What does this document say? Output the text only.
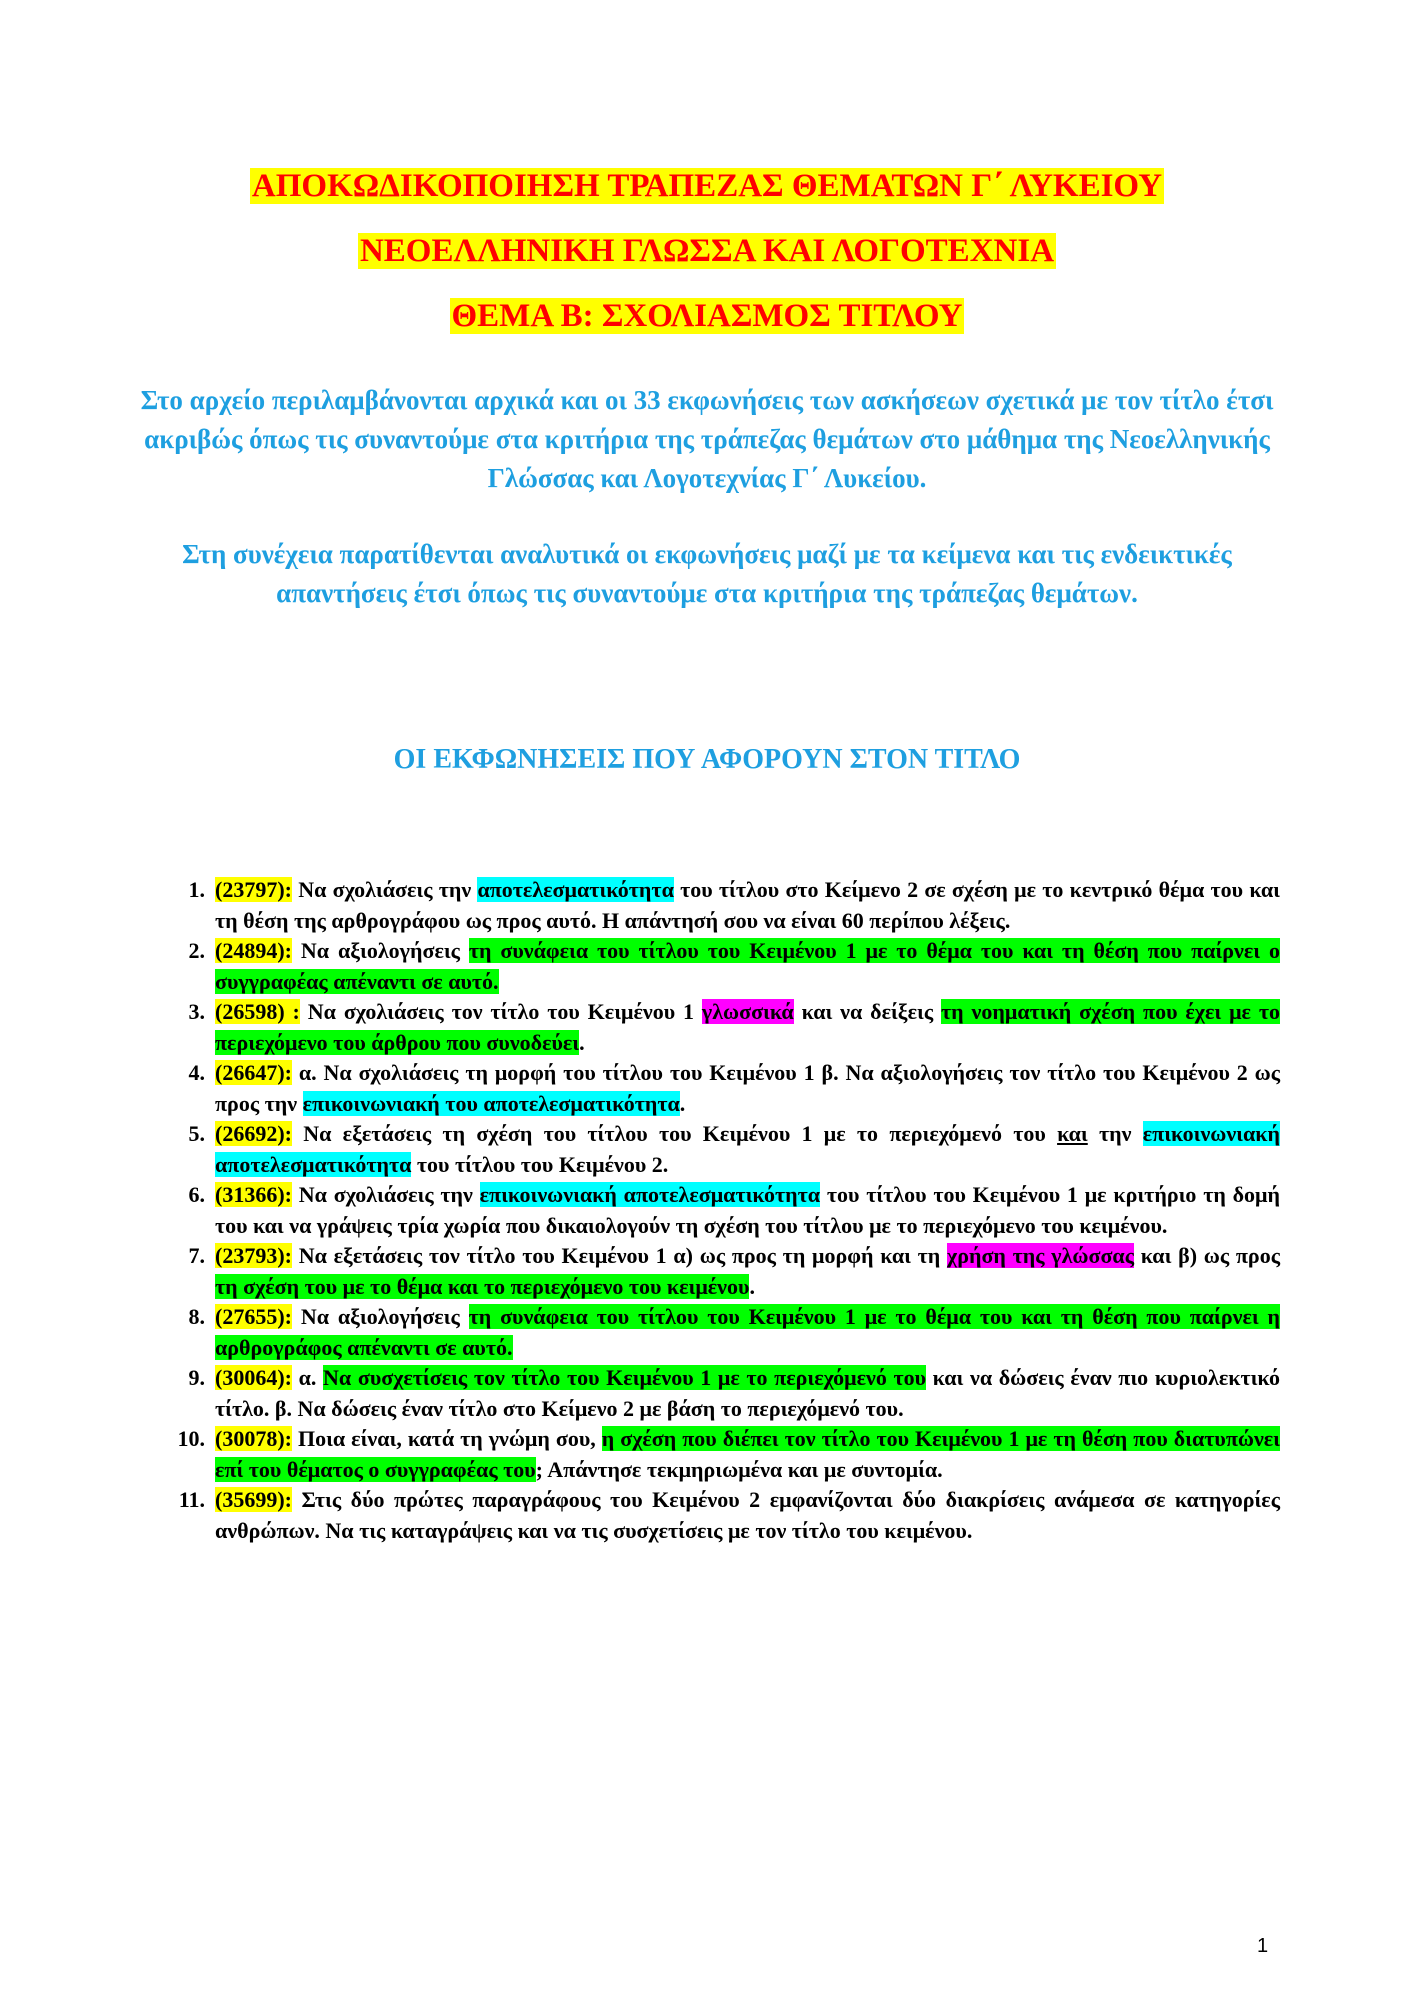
ΑΠΟΚΩΔΙΚΟΠΟΙΗΣΗ ΤΡΑΠΕΖΑΣ ΘΕΜΑΤΩΝ Γ΄ ΛΥΚΕΙΟΥ
ΝΕΟΕΛΛΗΝΙΚΗ ΓΛΩΣΣΑ ΚΑΙ ΛΟΓΟΤΕΧΝΙΑ
ΘΕΜΑ Β: ΣΧΟΛΙΑΣΜΟΣ ΤΙΤΛΟΥ

Στο αρχείο περιλαμβάνονται αρχικά και οι 33 εκφωνήσεις των ασκήσεων σχετικά με τον τίτλο έτσι ακριβώς όπως τις συναντούμε στα κριτήρια της τράπεζας θεμάτων στο μάθημα της Νεοελληνικής Γλώσσας και Λογοτεχνίας Γ΄ Λυκείου.

Στη συνέχεια παρατίθενται αναλυτικά οι εκφωνήσεις μαζί με τα κείμενα και τις ενδεικτικές απαντήσεις έτσι όπως τις συναντούμε στα κριτήρια της τράπεζας θεμάτων.

ΟΙ ΕΚΦΩΝΗΣΕΙΣ ΠΟΥ ΑΦΟΡΟΥΝ ΣΤΟΝ ΤΙΤΛΟ

1. (23797): Να σχολιάσεις την αποτελεσματικότητα του τίτλου στο Κείμενο 2 σε σχέση με το κεντρικό θέμα του και τη θέση της αρθρογράφου ως προς αυτό. Η απάντησή σου να είναι 60 περίπου λέξεις.
2. (24894): Να αξιολογήσεις τη συνάφεια του τίτλου του Κειμένου 1 με το θέμα του και τη θέση που παίρνει ο συγγραφέας απέναντι σε αυτό.
3. (26598) : Να σχολιάσεις τον τίτλο του Κειμένου 1 γλωσσικά και να δείξεις τη νοηματική σχέση που έχει με το περιεχόμενο του άρθρου που συνοδεύει.
4. (26647): α. Να σχολιάσεις τη μορφή του τίτλου του Κειμένου 1 β. Να αξιολογήσεις τον τίτλο του Κειμένου 2 ως προς την επικοινωνιακή του αποτελεσματικότητα.
5. (26692): Να εξετάσεις τη σχέση του τίτλου του Κειμένου 1 με το περιεχόμενό του και την επικοινωνιακή αποτελεσματικότητα του τίτλου του Κειμένου 2.
6. (31366): Να σχολιάσεις την επικοινωνιακή αποτελεσματικότητα του τίτλου του Κειμένου 1 με κριτήριο τη δομή του και να γράψεις τρία χωρία που δικαιολογούν τη σχέση του τίτλου με το περιεχόμενο του κειμένου.
7. (23793): Να εξετάσεις τον τίτλο του Κειμένου 1 α) ως προς τη μορφή και τη χρήση της γλώσσας και β) ως προς τη σχέση του με το θέμα και το περιεχόμενο του κειμένου.
8. (27655): Να αξιολογήσεις τη συνάφεια του τίτλου του Κειμένου 1 με το θέμα του και τη θέση που παίρνει η αρθρογράφος απέναντι σε αυτό.
9. (30064): α. Να συσχετίσεις τον τίτλο του Κειμένου 1 με το περιεχόμενό του και να δώσεις έναν πιο κυριολεκτικό τίτλο. β. Να δώσεις έναν τίτλο στο Κείμενο 2 με βάση το περιεχόμενό του.
10. (30078): Ποια είναι, κατά τη γνώμη σου, η σχέση που διέπει τον τίτλο του Κειμένου 1 με τη θέση που διατυπώνει επί του θέματος ο συγγραφέας του; Απάντησε τεκμηριωμένα και με συντομία.
11. (35699): Στις δύο πρώτες παραγράφους του Κειμένου 2 εμφανίζονται δύο διακρίσεις ανάμεσα σε κατηγορίες ανθρώπων. Να τις καταγράψεις και να τις συσχετίσεις με τον τίτλο του κειμένου.
1
